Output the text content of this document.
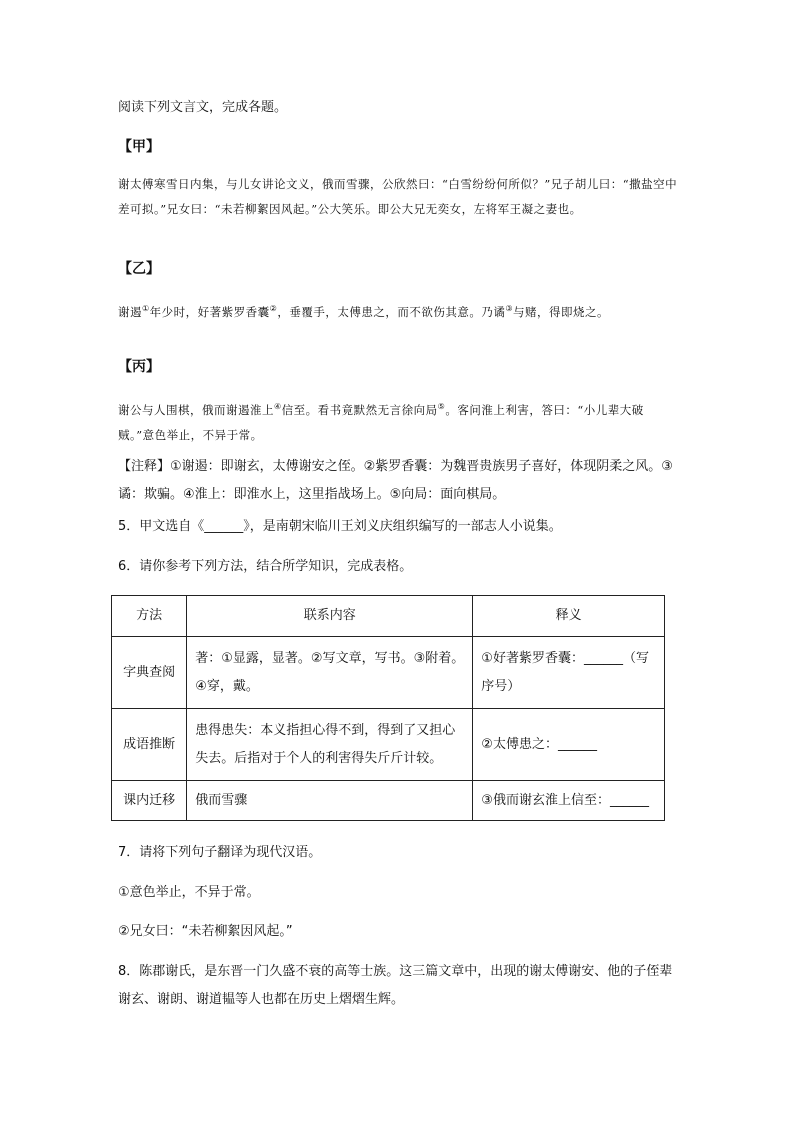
阅读下列文言文，完成各题。
【甲】
谢太傅寒雪日内集，与儿女讲论文义，俄而雪骤，公欣然曰：“白雪纷纷何所似？”兄子胡儿曰：“撒盐空中差可拟。”兄女曰：“未若柳絮因风起。”公大笑乐。即公大兄无奕女，左将军王凝之妻也。
【乙】
谢遏①年少时，好著紫罗香囊②，垂覆手，太傅患之，而不欲伤其意。乃谲③与赌，得即烧之。
【丙】
谢公与人围棋，俄而谢遏淮上④信至。看书竟默然无言徐向局⑤。客问淮上利害，答曰：“小儿辈大破贼。”意色举止，不异于常。
【注释】①谢遏：即谢玄，太傅谢安之侄。②紫罗香囊：为魏晋贵族男子喜好，体现阴柔之风。③谲：欺骗。④淮上：即淮水上，这里指战场上。⑤向局：面向棋局。
5．甲文选自《______》，是南朝宋临川王刘义庆组织编写的一部志人小说集。
6．请你参考下列方法，结合所学知识，完成表格。
方法	联系内容	释义
字典查阅	著：①显露，显著。②写文章，写书。③附着。④穿，戴。	①好著紫罗香囊：______（写序号）
成语推断	患得患失：本义指担心得不到，得到了又担心失去。后指对于个人的利害得失斤斤计较。	②太傅患之：______
课内迁移	俄而雪骤	③俄而谢玄淮上信至：______
7．请将下列句子翻译为现代汉语。
①意色举止，不异于常。
②兄女曰：“未若柳絮因风起。”
8．陈郡谢氏，是东晋一门久盛不衰的高等士族。这三篇文章中，出现的谢太傅谢安、他的子侄辈谢玄、谢朗、谢道韫等人也都在历史上熠熠生辉。
